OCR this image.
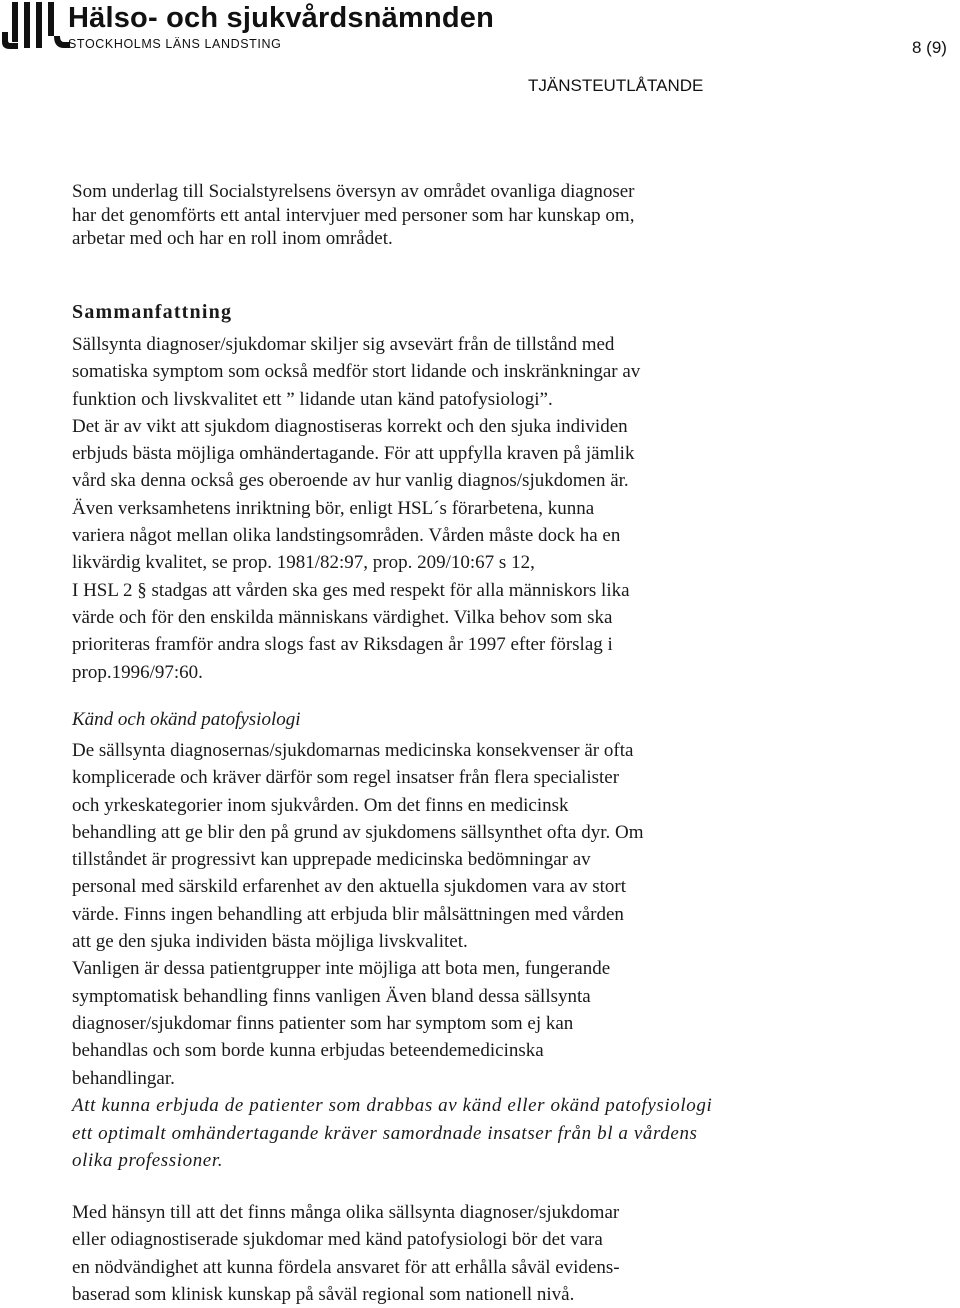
Hälso- och sjukvårdsnämnden
STOCKHOLMS LÄNS LANDSTING	8 (9)
TJÄNSTEUTLÅTANDE

Som underlag till Socialstyrelsens översyn av området ovanliga diagnoser

har det genomförts ett antal intervjuer med personer som har kunskap om,

arbetar med och har en roll inom området.

Sammanfattning

Sällsynta diagnoser/sjukdomar skiljer sig avsevärt från de tillstånd med

somatiska symptom som också medför stort lidande och inskränkningar av

funktion och livskvalitet ett ” lidande utan känd patofysiologi”.

Det är av vikt att sjukdom diagnostiseras korrekt och den sjuka individen

erbjuds bästa möjliga omhändertagande. För att uppfylla kraven på jämlik

vård ska denna också ges oberoende av hur vanlig diagnos/sjukdomen är.

Även verksamhetens inriktning bör, enligt HSL´s förarbetena, kunna

variera något mellan olika landstingsområden. Vården måste dock ha en

likvärdig kvalitet, se prop. 1981/82:97, prop. 209/10:67 s 12,

I HSL 2 § stadgas att vården ska ges med respekt för alla människors lika

värde och för den enskilda människans värdighet. Vilka behov som ska

prioriteras framför andra slogs fast av Riksdagen år 1997 efter förslag i

prop.1996/97:60.

Känd och okänd patofysiologi

De sällsynta diagnosernas/sjukdomarnas medicinska konsekvenser är ofta

komplicerade och kräver därför som regel insatser från flera specialister

och yrkeskategorier inom sjukvården. Om det finns en medicinsk

behandling att ge blir den på grund av sjukdomens sällsynthet ofta dyr. Om

tillståndet är progressivt kan upprepade medicinska bedömningar av

personal med särskild erfarenhet av den aktuella sjukdomen vara av stort

värde. Finns ingen behandling att erbjuda blir målsättningen med vården

att ge den sjuka individen bästa möjliga livskvalitet.

Vanligen är dessa patientgrupper inte möjliga att bota men, fungerande

symptomatisk behandling finns vanligen Även bland dessa sällsynta

diagnoser/sjukdomar finns patienter som har symptom som ej kan

behandlas och som borde kunna erbjudas beteendemedicinska

behandlingar.

Att kunna erbjuda de patienter som drabbas av känd eller okänd patofysiologi

ett optimalt omhändertagande kräver samordnade insatser från bl a vårdens

olika professioner.

Med hänsyn till att det finns många olika sällsynta diagnoser/sjukdomar

eller odiagnostiserade sjukdomar med känd patofysiologi bör det vara

en nödvändighet att kunna fördela ansvaret för att erhålla såväl evidens-

baserad som klinisk kunskap på såväl regional som nationell nivå.
